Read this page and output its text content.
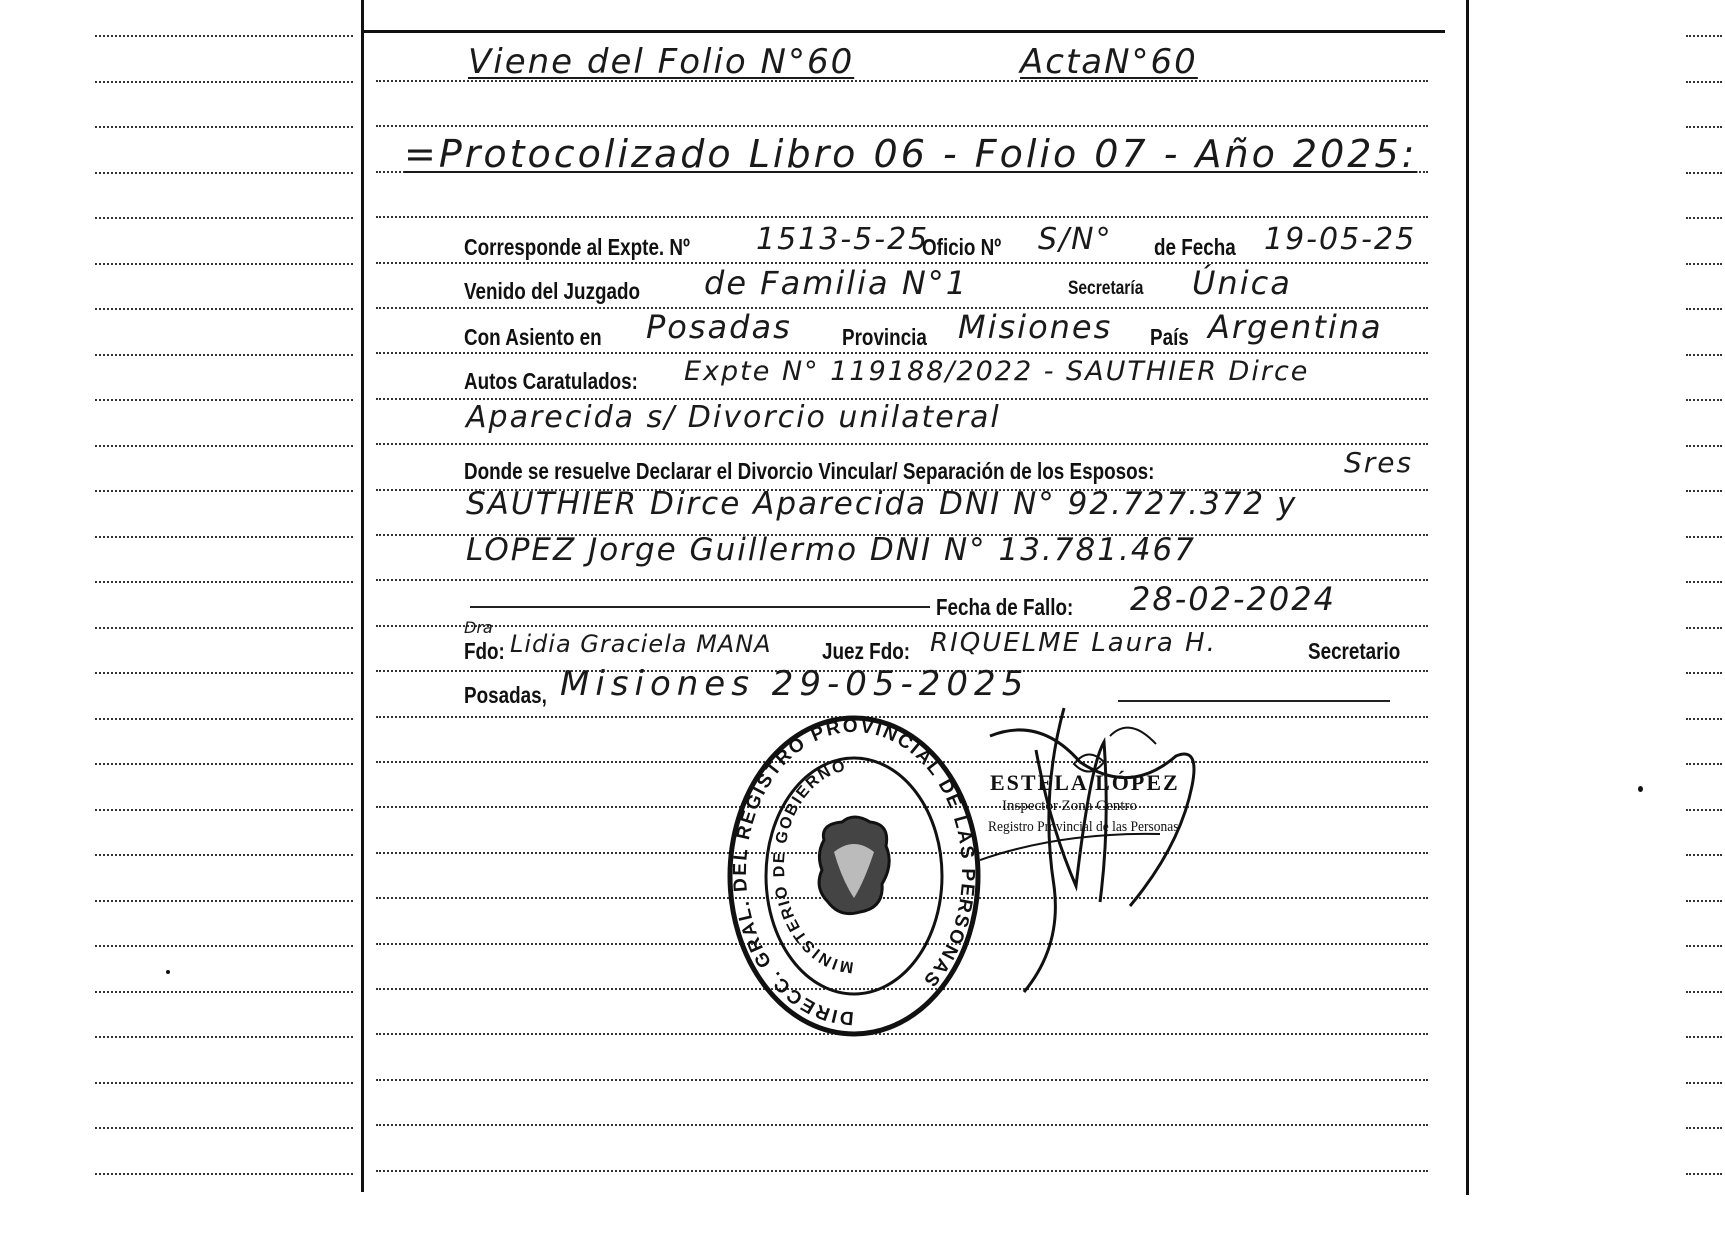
Viene del Folio N°60	ActaN°60
=Protocolizado Libro 06 - Folio 07 - Año 2025:
Corresponde al Expte. Nº 1513-5-25
Oficio Nº S/N° de Fecha 19-05-25
Venido del Juzgado de Familia N°1	Secretaría Única
Con Asiento en Posadas Provincia Misiones País Argentina
Autos Caratulados: Expte N° 119188/2022 - SAUTHIER Dirce
Aparecida s/ Divorcio unilateral
Donde se resuelve Declarar el Divorcio Vincular/ Separación de los Esposos:	Sres
SAUTHIER Dirce Aparecida DNI N° 92.727.372 y
LOPEZ Jorge Guillermo DNI N° 13.781.467
Fecha de Fallo: 28-02-2024
Dra
Fdo: Lidia Graciela MANA Juez Fdo: RIQUELME Laura H.	Secretario
Posadas, Misiones 29-05-2025
DIRECC. GRAL. DEL REGISTRO PROVINCIAL DE LAS PERSONAS
MINISTERIO DE GOBIERNO
ESTELA LÓPEZ
Inspector Zona Centro
Registro Provincial de las Personas
